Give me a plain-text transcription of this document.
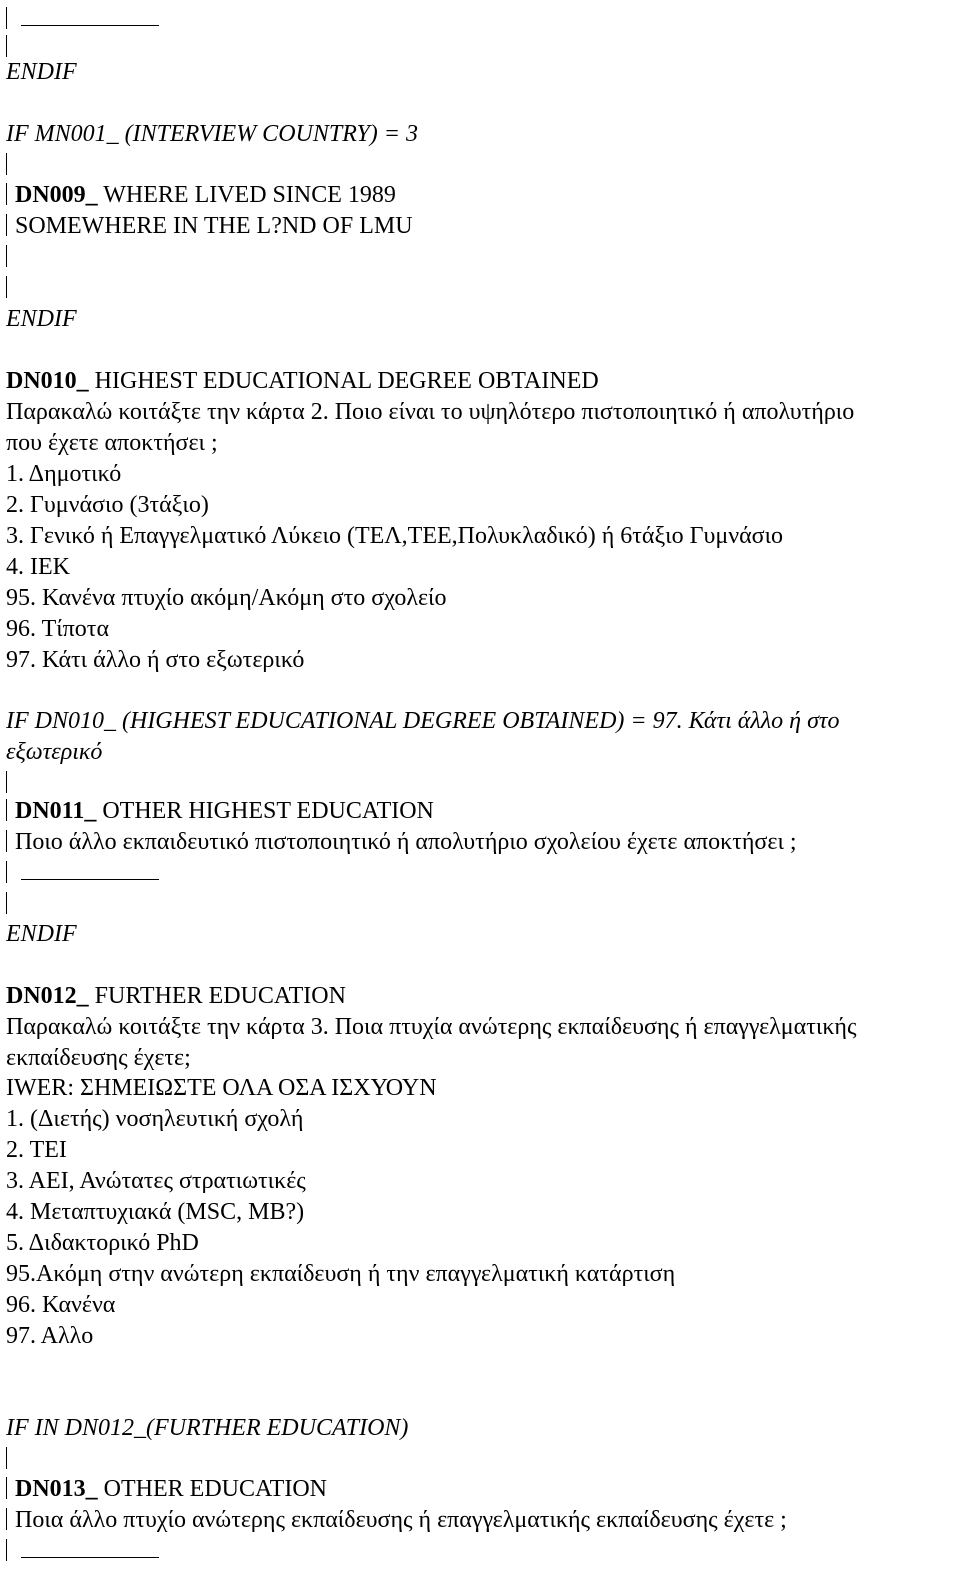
ENDIF
IF MN001_ (INTERVIEW COUNTRY) = 3
DN009_ WHERE LIVED SINCE 1989
SOMEWHERE IN THE L?ND OF LMU
ENDIF
DN010_ HIGHEST EDUCATIONAL DEGREE OBTAINED
Παρακαλώ κοιτάξτε την κάρτα 2. Ποιο είναι το υψηλότερο πιστοποιητικό ή απολυτήριο
που έχετε αποκτήσει ;
1. Δημοτικό
2. Γυμνάσιο (3τάξιο)
3. Γενικό ή Επαγγελματικό Λύκειο (ΤΕΛ,ΤΕΕ,Πολυκλαδικό) ή 6τάξιο Γυμνάσιο
4. ΙΕΚ
95. Κανένα πτυχίο ακόμη/Ακόμη στο σχολείο
96. Τίποτα
97. Κάτι άλλο ή στο εξωτερικό
IF DN010_ (HIGHEST EDUCATIONAL DEGREE OBTAINED) = 97. Κάτι άλλο ή στο
εξωτερικό
DN011_ OTHER HIGHEST EDUCATION
Ποιο άλλο εκπαιδευτικό πιστοποιητικό ή απολυτήριο σχολείου έχετε αποκτήσει ;
ENDIF
DN012_ FURTHER EDUCATION
Παρακαλώ κοιτάξτε την κάρτα 3. Ποια πτυχία ανώτερης εκπαίδευσης ή επαγγελματικής
εκπαίδευσης έχετε;
IWER: ΣΗΜΕΙΩΣΤΕ ΟΛΑ ΟΣΑ ΙΣΧΥΟΥΝ
1. (Διετής) νοσηλευτική σχολή
2. ΤΕΙ
3. ΑΕΙ, Ανώτατες στρατιωτικές
4. Μεταπτυχιακά (MSC, MB?)
5. Διδακτορικό PhD
95.Ακόμη στην ανώτερη εκπαίδευση ή την επαγγελματική κατάρτιση
96. Κανένα
97. Αλλο
IF IN DN012_(FURTHER EDUCATION)
DN013_ OTHER EDUCATION
Ποια άλλο πτυχίο ανώτερης εκπαίδευσης ή επαγγελματικής εκπαίδευσης έχετε ;
